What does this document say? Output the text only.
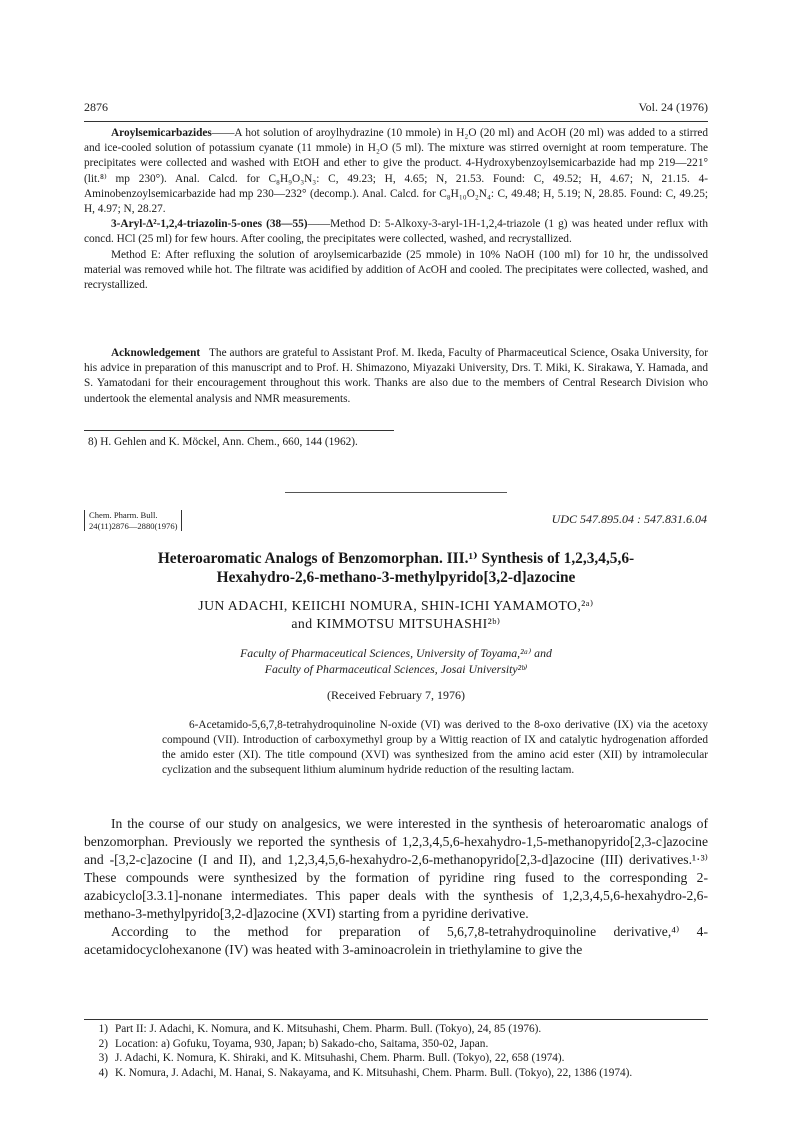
2876	Vol. 24 (1976)

Aroylsemicarbazides——A hot solution of aroylhydrazine (10 mmole) in H₂O (20 ml) and AcOH (20 ml) was added to a stirred and ice-cooled solution of potassium cyanate (11 mmole) in H₂O (5 ml). The mixture was stirred overnight at room temperature. The precipitates were collected and washed with EtOH and ether to give the product. 4-Hydroxybenzoylsemicarbazide had mp 219—221° (lit.⁸⁾ mp 230°). Anal. Calcd. for C₈H₉O₃N₃: C, 49.23; H, 4.65; N, 21.53. Found: C, 49.52; H, 4.67; N, 21.15. 4-Aminobenzoylsemicarbazide had mp 230—232° (decomp.). Anal. Calcd. for C₈H₁₀O₂N₄: C, 49.48; H, 5.19; N, 28.85. Found: C, 49.25; H, 4.97; N, 28.27.

3-Aryl-Δ²-1,2,4-triazolin-5-ones (38—55)——Method D: 5-Alkoxy-3-aryl-1H-1,2,4-triazole (1 g) was heated under reflux with concd. HCl (25 ml) for few hours. After cooling, the precipitates were collected, washed, and recrystallized.

Method E: After refluxing the solution of aroylsemicarbazide (25 mmole) in 10% NaOH (100 ml) for 10 hr, the undissolved material was removed while hot. The filtrate was acidified by addition of AcOH and cooled. The precipitates were collected, washed, and recrystallized.

Acknowledgement The authors are grateful to Assistant Prof. M. Ikeda, Faculty of Pharmaceutical Science, Osaka University, for his advice in preparation of this manuscript and to Prof. H. Shimazono, Miyazaki University, Drs. T. Miki, K. Sirakawa, Y. Hamada, and S. Yamatodani for their encouragement throughout this work. Thanks are also due to the members of Central Research Division who undertook the elemental analysis and NMR measurements.

8) H. Gehlen and K. Möckel, Ann. Chem., 660, 144 (1962).
Chem. Pharm. Bull.
24(11)2876—2880(1976)	UDC 547.895.04 : 547.831.6.04
Heteroaromatic Analogs of Benzomorphan. III.¹⁾ Synthesis of 1,2,3,4,5,6-
Hexahydro-2,6-methano-3-methylpyrido[3,2-d]azocine
JUN ADACHI, KEIICHI NOMURA, SHIN-ICHI YAMAMOTO,²ᵃ⁾
and KIMMOTSU MITSUHASHI²ᵇ⁾
Faculty of Pharmaceutical Sciences, University of Toyama,²ᵃ⁾ and
Faculty of Pharmaceutical Sciences, Josai University²ᵇ⁾
(Received February 7, 1976)

6-Acetamido-5,6,7,8-tetrahydroquinoline N-oxide (VI) was derived to the 8-oxo derivative (IX) via the acetoxy compound (VII). Introduction of carboxymethyl group by a Wittig reaction of IX and catalytic hydrogenation afforded the amido ester (XI). The title compound (XVI) was synthesized from the amino acid ester (XII) by intramolecular cyclization and the subsequent lithium aluminum hydride reduction of the resulting lactam.

In the course of our study on analgesics, we were interested in the synthesis of heteroaromatic analogs of benzomorphan. Previously we reported the synthesis of 1,2,3,4,5,6-hexahydro-1,5-methanopyrido[2,3-c]azocine and -[3,2-c]azocine (I and II), and 1,2,3,4,5,6-hexahydro-2,6-methanopyrido[2,3-d]azocine (III) derivatives.¹·³⁾ These compounds were synthesized by the formation of pyridine ring fused to the corresponding 2-azabicyclo[3.3.1]-nonane intermediates. This paper deals with the synthesis of 1,2,3,4,5,6-hexahydro-2,6-methano-3-methylpyrido[3,2-d]azocine (XVI) starting from a pyridine derivative.

According to the method for preparation of 5,6,7,8-tetrahydroquinoline derivative,⁴⁾ 4-acetamidocyclohexanone (IV) was heated with 3-aminoacrolein in triethylamine to give the

1) Part II: J. Adachi, K. Nomura, and K. Mitsuhashi, Chem. Pharm. Bull. (Tokyo), 24, 85 (1976).
2) Location: a) Gofuku, Toyama, 930, Japan; b) Sakado-cho, Saitama, 350-02, Japan.
3) J. Adachi, K. Nomura, K. Shiraki, and K. Mitsuhashi, Chem. Pharm. Bull. (Tokyo), 22, 658 (1974).
4) K. Nomura, J. Adachi, M. Hanai, S. Nakayama, and K. Mitsuhashi, Chem. Pharm. Bull. (Tokyo), 22, 1386 (1974).
